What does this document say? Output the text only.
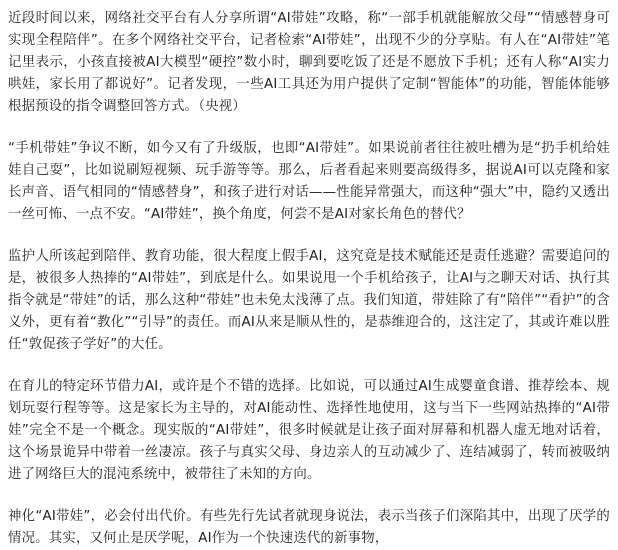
近段时间以来，网络社交平台有人分享所谓“AI带娃”攻略，称“一部手机就能解放父母”“情感替身可实现全程陪伴”。在多个网络社交平台，记者检索“AI带娃”，出现不少的分享贴。有人在“AI带娃”笔记里表示，小孩直接被AI大模型“硬控”数小时，聊到要吃饭了还是不愿放下手机；还有人称“AI实力哄娃，家长用了都说好”。记者发现，一些AI工具还为用户提供了定制“智能体”的功能，智能体能够根据预设的指令调整回答方式。（央视）

“手机带娃”争议不断，如今又有了升级版，也即“AI带娃”。如果说前者往往被吐槽为是“扔手机给娃娃自己耍”，比如说刷短视频、玩手游等等。那么，后者看起来则要高级得多，据说AI可以克隆和家长声音、语气相同的“情感替身”，和孩子进行对话——性能异常强大，而这种“强大”中，隐约又透出一丝可怖、一点不安。“AI带娃”，换个角度，何尝不是AI对家长角色的替代？

监护人所该起到陪伴、教育功能，很大程度上假手AI，这究竟是技术赋能还是责任逃避？需要追问的是，被很多人热捧的“AI带娃”，到底是什么。如果说甩一个手机给孩子，让AI与之聊天对话、执行其指令就是“带娃”的话，那么这种“带娃”也未免太浅薄了点。我们知道，带娃除了有“陪伴”“看护”的含义外，更有着“教化”“引导”的责任。而AI从来是顺从性的，是恭维迎合的，这注定了，其或许难以胜任“敦促孩子学好”的大任。

在育儿的特定环节借力AI，或许是个不错的选择。比如说，可以通过AI生成婴童食谱、推荐绘本、规划玩耍行程等等。这是家长为主导的，对AI能动性、选择性地使用，这与当下一些网站热捧的“AI带娃”完全不是一个概念。现实版的“AI带娃”，很多时候就是让孩子面对屏幕和机器人虚无地对话着，这个场景诡异中带着一丝凄凉。孩子与真实父母、身边亲人的互动减少了、连结减弱了，转而被吸纳进了网络巨大的混沌系统中，被带往了未知的方向。

神化“AI带娃”，必会付出代价。有些先行先试者就现身说法，表示当孩子们深陷其中，出现了厌学的情况。其实，又何止是厌学呢，AI作为一个快速迭代的新事物，
